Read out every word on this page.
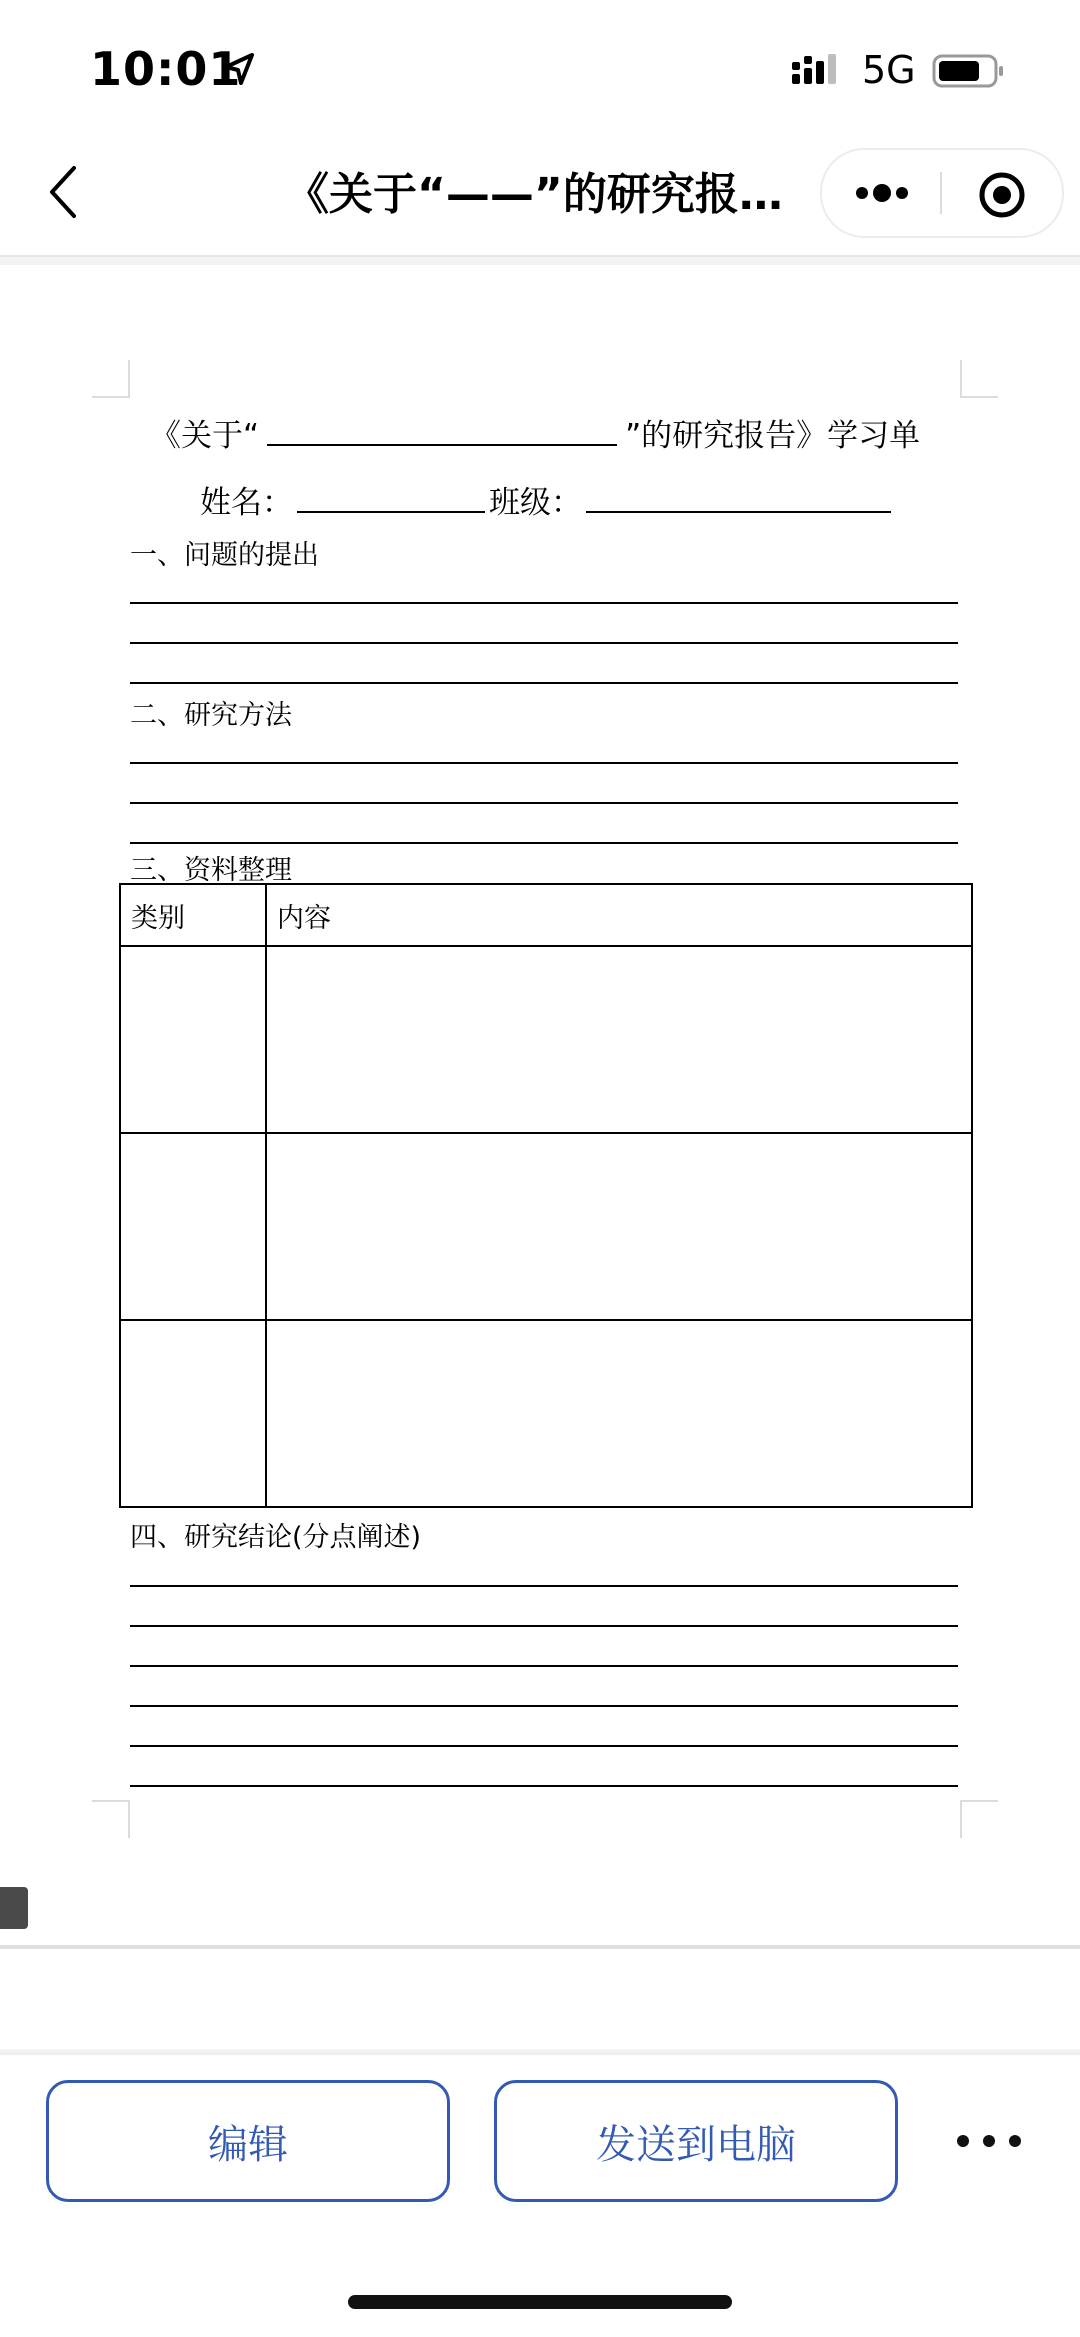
10:01	5G
《关于“——”的研究报…
《关于“	”的研究报告》学习单
姓名：	班级：
一、问题的提出
二、研究方法
三、资料整理
类别	内容

四、研究结论(分点阐述)
编辑	发送到电脑
